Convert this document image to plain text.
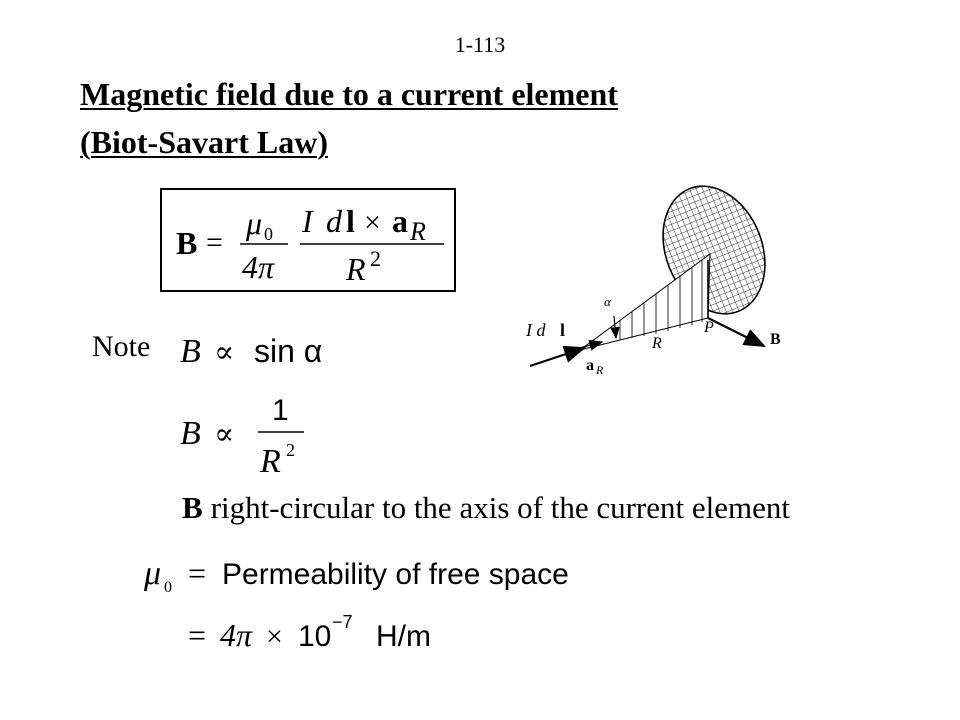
1-113
Magnetic field due to a current element
(Biot-Savart Law)
B =
μ 0
4π
I d l × a R
R 2
Note B ∝ sin α
B ∝
1
R 2
B right-circular to the axis of the current element
μ 0 = Permeability of free space
= 4π × 10 −7 H/m
I d l
a R
R
P
α
B
